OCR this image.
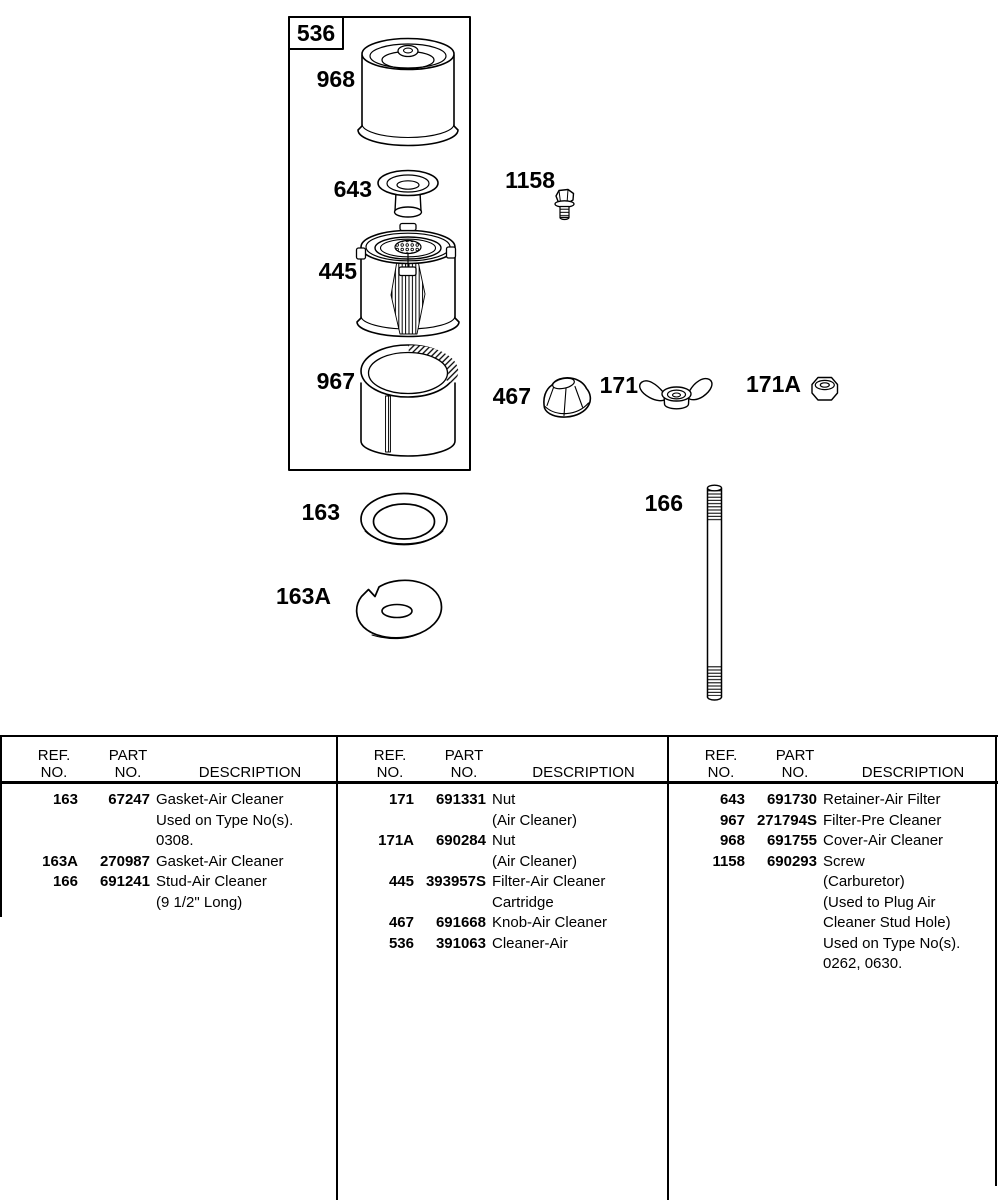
536
968
643
445
967
1158
467	171	171A
163
163A
166
REF.
NO.
PART
NO.	DESCRIPTION
163	67247 Gasket-Air Cleaner
Used on Type No(s).
0308.
163A	270987 Gasket-Air Cleaner
166	691241 Stud-Air Cleaner
(9 1/2" Long)
REF.
NO.
PART
NO.	DESCRIPTION
171	691331 Nut
(Air Cleaner)
171A	690284 Nut
(Air Cleaner)
445 393957S Filter-Air Cleaner
Cartridge
467	691668 Knob-Air Cleaner
536	391063 Cleaner-Air
REF.
NO.
PART
NO.	DESCRIPTION
643	691730 Retainer-Air Filter
967 271794S Filter-Pre Cleaner
968	691755 Cover-Air Cleaner
1158	690293 Screw
(Carburetor)
(Used to Plug Air
Cleaner Stud Hole)
Used on Type No(s).
0262, 0630.
